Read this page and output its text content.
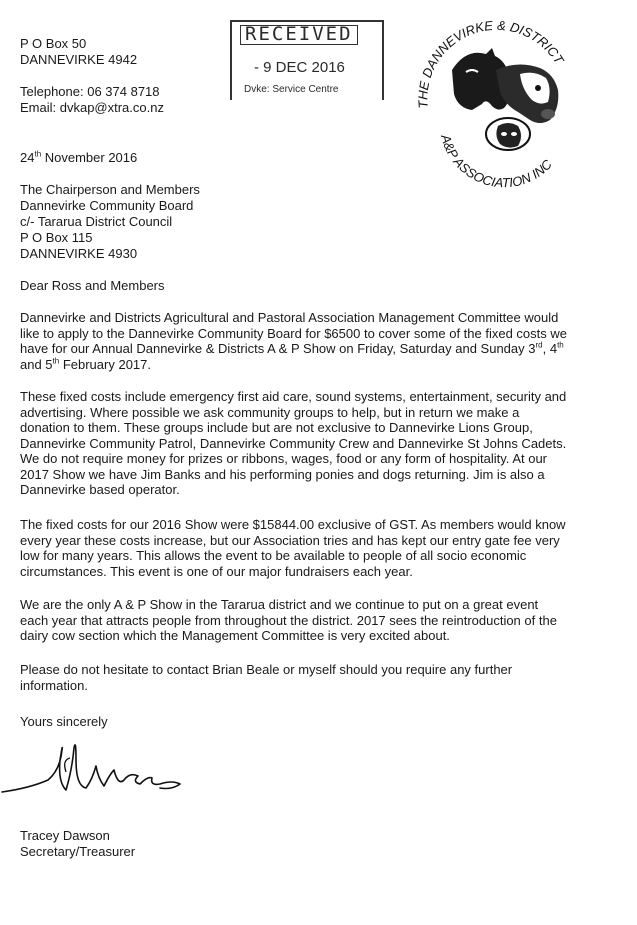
P O Box 50
DANNEVIRKE 4942
Telephone: 06 374 8718
Email: dvkap@xtra.co.nz
RECEIVED
- 9 DEC 2016
Dvke: Service Centre
THE DANNEVIRKE & DISTRICT
A&P ASSOCIATION INC
24th November 2016
The Chairperson and Members
Dannevirke Community Board
c/- Tararua District Council
P O Box 115
DANNEVIRKE 4930
Dear Ross and Members
Dannevirke and Districts Agricultural and Pastoral Association Management Committee would
like to apply to the Dannevirke Community Board for $6500 to cover some of the fixed costs we
have for our Annual Dannevirke & Districts A & P Show on Friday, Saturday and Sunday 3rd, 4th
and 5th February 2017.
These fixed costs include emergency first aid care, sound systems, entertainment, security and
advertising. Where possible we ask community groups to help, but in return we make a
donation to them. These groups include but are not exclusive to Dannevirke Lions Group,
Dannevirke Community Patrol, Dannevirke Community Crew and Dannevirke St Johns Cadets.
We do not require money for prizes or ribbons, wages, food or any form of hospitality. At our
2017 Show we have Jim Banks and his performing ponies and dogs returning. Jim is also a
Dannevirke based operator.
The fixed costs for our 2016 Show were $15844.00 exclusive of GST. As members would know
every year these costs increase, but our Association tries and has kept our entry gate fee very
low for many years. This allows the event to be available to people of all socio economic
circumstances. This event is one of our major fundraisers each year.
We are the only A & P Show in the Tararua district and we continue to put on a great event
each year that attracts people from throughout the district. 2017 sees the reintroduction of the
dairy cow section which the Management Committee is very excited about.
Please do not hesitate to contact Brian Beale or myself should you require any further
information.
Yours sincerely
Tracey Dawson
Secretary/Treasurer
